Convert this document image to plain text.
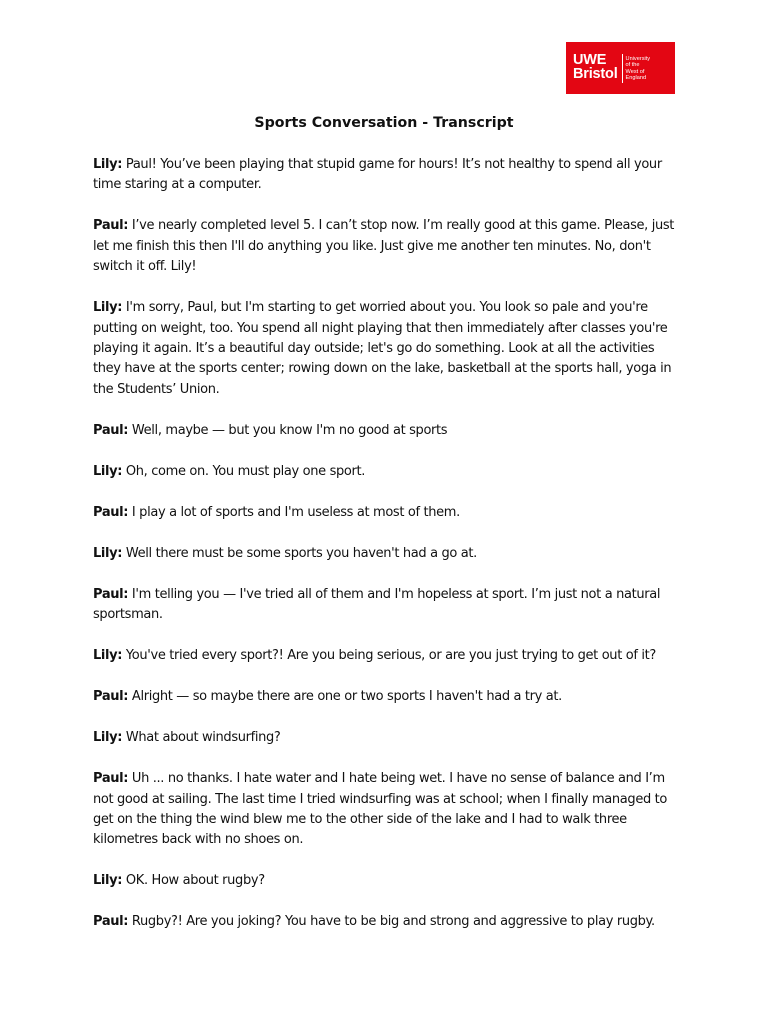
UWE
Bristol
University
of the
West of
England
Sports Conversation - Transcript

Lily: Paul! You’ve been playing that stupid game for hours! It’s not healthy to spend all your time staring at a computer.

Paul: I’ve nearly completed level 5. I can’t stop now. I’m really good at this game. Please, just let me finish this then I'll do anything you like. Just give me another ten minutes. No, don't switch it off. Lily!

Lily: I'm sorry, Paul, but I'm starting to get worried about you. You look so pale and you're putting on weight, too. You spend all night playing that then immediately after classes you're playing it again. It’s a beautiful day outside; let's go do something. Look at all the activities they have at the sports center; rowing down on the lake, basketball at the sports hall, yoga in the Students’ Union.

Paul: Well, maybe — but you know I'm no good at sports

Lily: Oh, come on. You must play one sport.

Paul: I play a lot of sports and I'm useless at most of them.

Lily: Well there must be some sports you haven't had a go at.

Paul: I'm telling you — I've tried all of them and I'm hopeless at sport. I’m just not a natural sportsman.

Lily: You've tried every sport?! Are you being serious, or are you just trying to get out of it?

Paul: Alright — so maybe there are one or two sports I haven't had a try at.

Lily: What about windsurfing?

Paul: Uh ... no thanks. I hate water and I hate being wet. I have no sense of balance and I’m not good at sailing. The last time I tried windsurfing was at school; when I finally managed to get on the thing the wind blew me to the other side of the lake and I had to walk three kilometres back with no shoes on.

Lily: OK. How about rugby?

Paul: Rugby?! Are you joking? You have to be big and strong and aggressive to play rugby.
